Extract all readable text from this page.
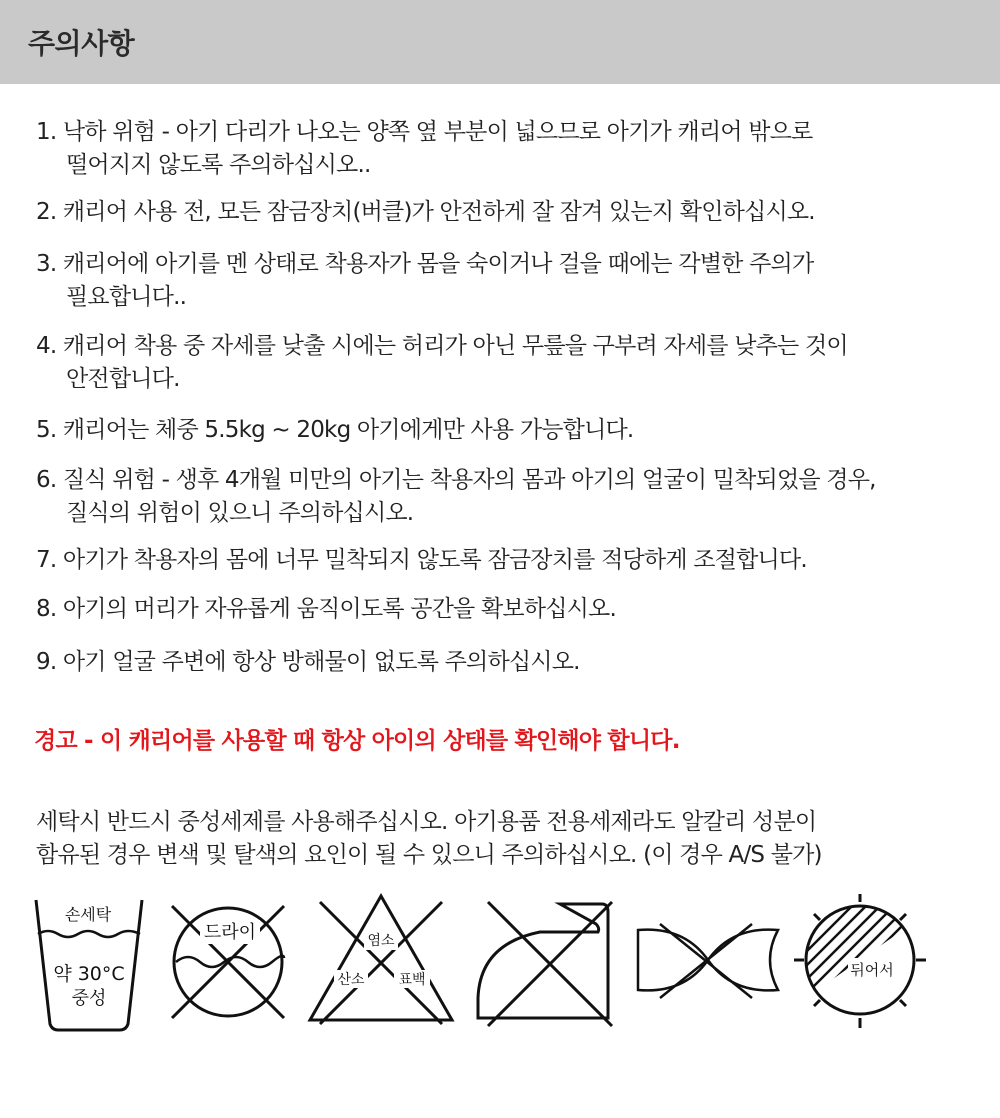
주의사항
1. 낙하 위험 - 아기 다리가 나오는 양쪽 옆 부분이 넓으므로 아기가 캐리어 밖으로
떨어지지 않도록 주의하십시오..
2. 캐리어 사용 전, 모든 잠금장치(버클)가 안전하게 잘 잠겨 있는지 확인하십시오.
3. 캐리어에 아기를 멘 상태로 착용자가 몸을 숙이거나 걸을 때에는 각별한 주의가
필요합니다..
4. 캐리어 착용 중 자세를 낮출 시에는 허리가 아닌 무릎을 구부려 자세를 낮추는 것이
안전합니다.
5. 캐리어는 체중 5.5kg ~ 20kg 아기에게만 사용 가능합니다.
6. 질식 위험 - 생후 4개월 미만의 아기는 착용자의 몸과 아기의 얼굴이 밀착되었을 경우,
질식의 위험이 있으니 주의하십시오.
7. 아기가 착용자의 몸에 너무 밀착되지 않도록 잠금장치를 적당하게 조절합니다.
8. 아기의 머리가 자유롭게 움직이도록 공간을 확보하십시오.
9. 아기 얼굴 주변에 항상 방해물이 없도록 주의하십시오.
경고 - 이 캐리어를 사용할 때 항상 아이의 상태를 확인해야 합니다.
세탁시 반드시 중성세제를 사용해주십시오. 아기용품 전용세제라도 알칼리 성분이
함유된 경우 변색 및 탈색의 요인이 될 수 있으니 주의하십시오. (이 경우 A/S 불가)
손세탁
약 30°C
중성
드라이	염소
산소 표백
뒤어서
